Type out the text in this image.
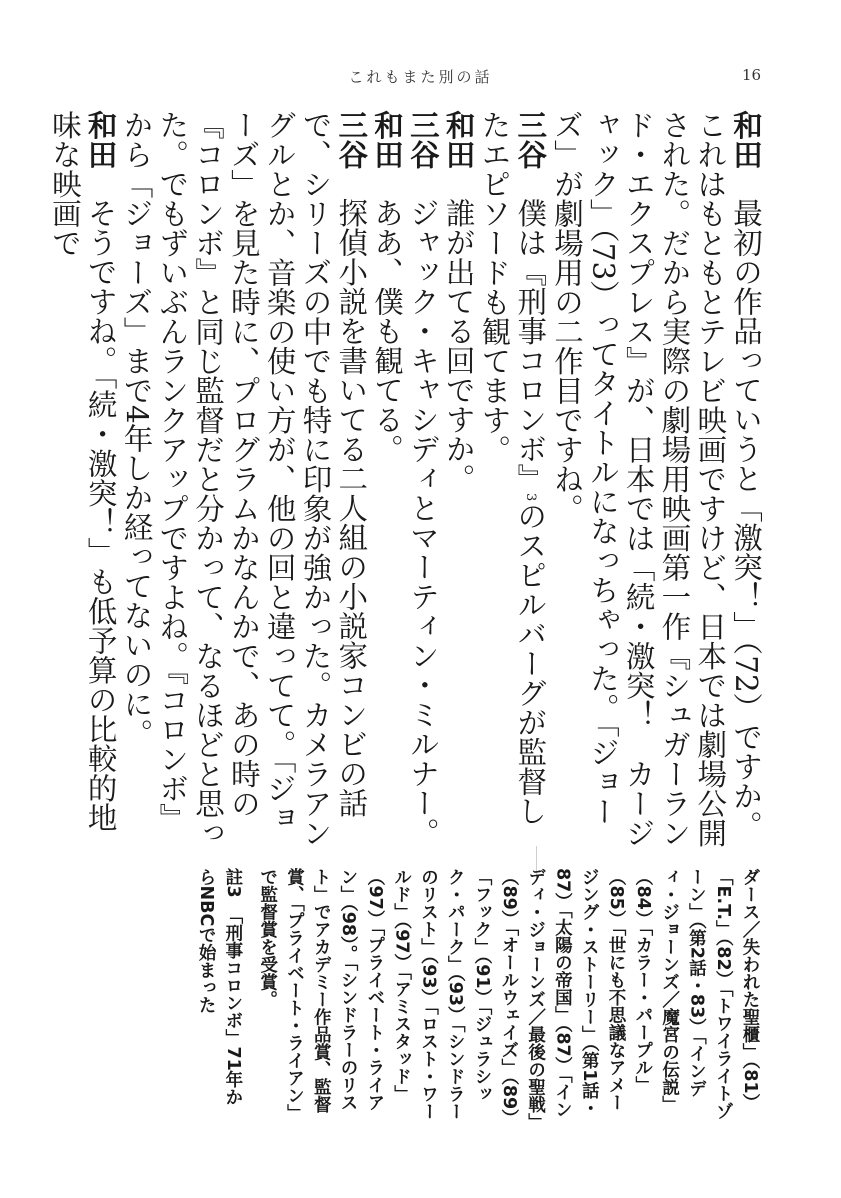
これもまた別の話	16
和田最初の作品っていうと「激突！」（72）ですか。これはもともとテレビ映画ですけど、日本では劇場公開された。だから実際の劇場用映画第一作『シュガーランド・エクスプレス』が、日本では「続・激突！　カージャック」（73）ってタイトルになっちゃった。「ジョーズ」が劇場用の二作目ですね。
三谷僕は『刑事コロンボ』3のスピルバーグが監督したエピソードも観てます。
和田誰が出てる回ですか。
三谷ジャック・キャシディとマーティン・ミルナー。
和田ああ、僕も観てる。
三谷探偵小説を書いてる二人組の小説家コンビの話で、シリーズの中でも特に印象が強かった。カメラアングルとか、音楽の使い方が、他の回と違ってて。「ジョーズ」を見た時に、プログラムかなんかで、あの時の『コロンボ』と同じ監督だと分かって、なるほどと思った。でもずいぶんランクアップですよね。『コロンボ』から「ジョーズ」まで4年しか経ってないのに。
和田そうですね。「続・激突！」も低予算の比較的地味な映画で
ダース／失われた聖櫃」（81）「E.T.」（82）「トワイライトゾーン」（第2話・83）「インディ・ジョーンズ／魔宮の伝説」（84）「カラー・パープル」（85）「世にも不思議なアメージング・ストーリー」（第1話・87）「太陽の帝国」（87）「インディ・ジョーンズ／最後の聖戦」（89）「オールウェイズ」（89）「フック」（91）「ジュラシック・パーク」（93）「シンドラーのリスト」（93）「ロスト・ワールド」（97）「アミスタッド」（97）「プライベート・ライアン」（98）。「シンドラーのリスト」でアカデミー作品賞、監督賞、「プライベート・ライアン」で監督賞を受賞。
註3　「刑事コロンボ」71年からNBCで始まった
